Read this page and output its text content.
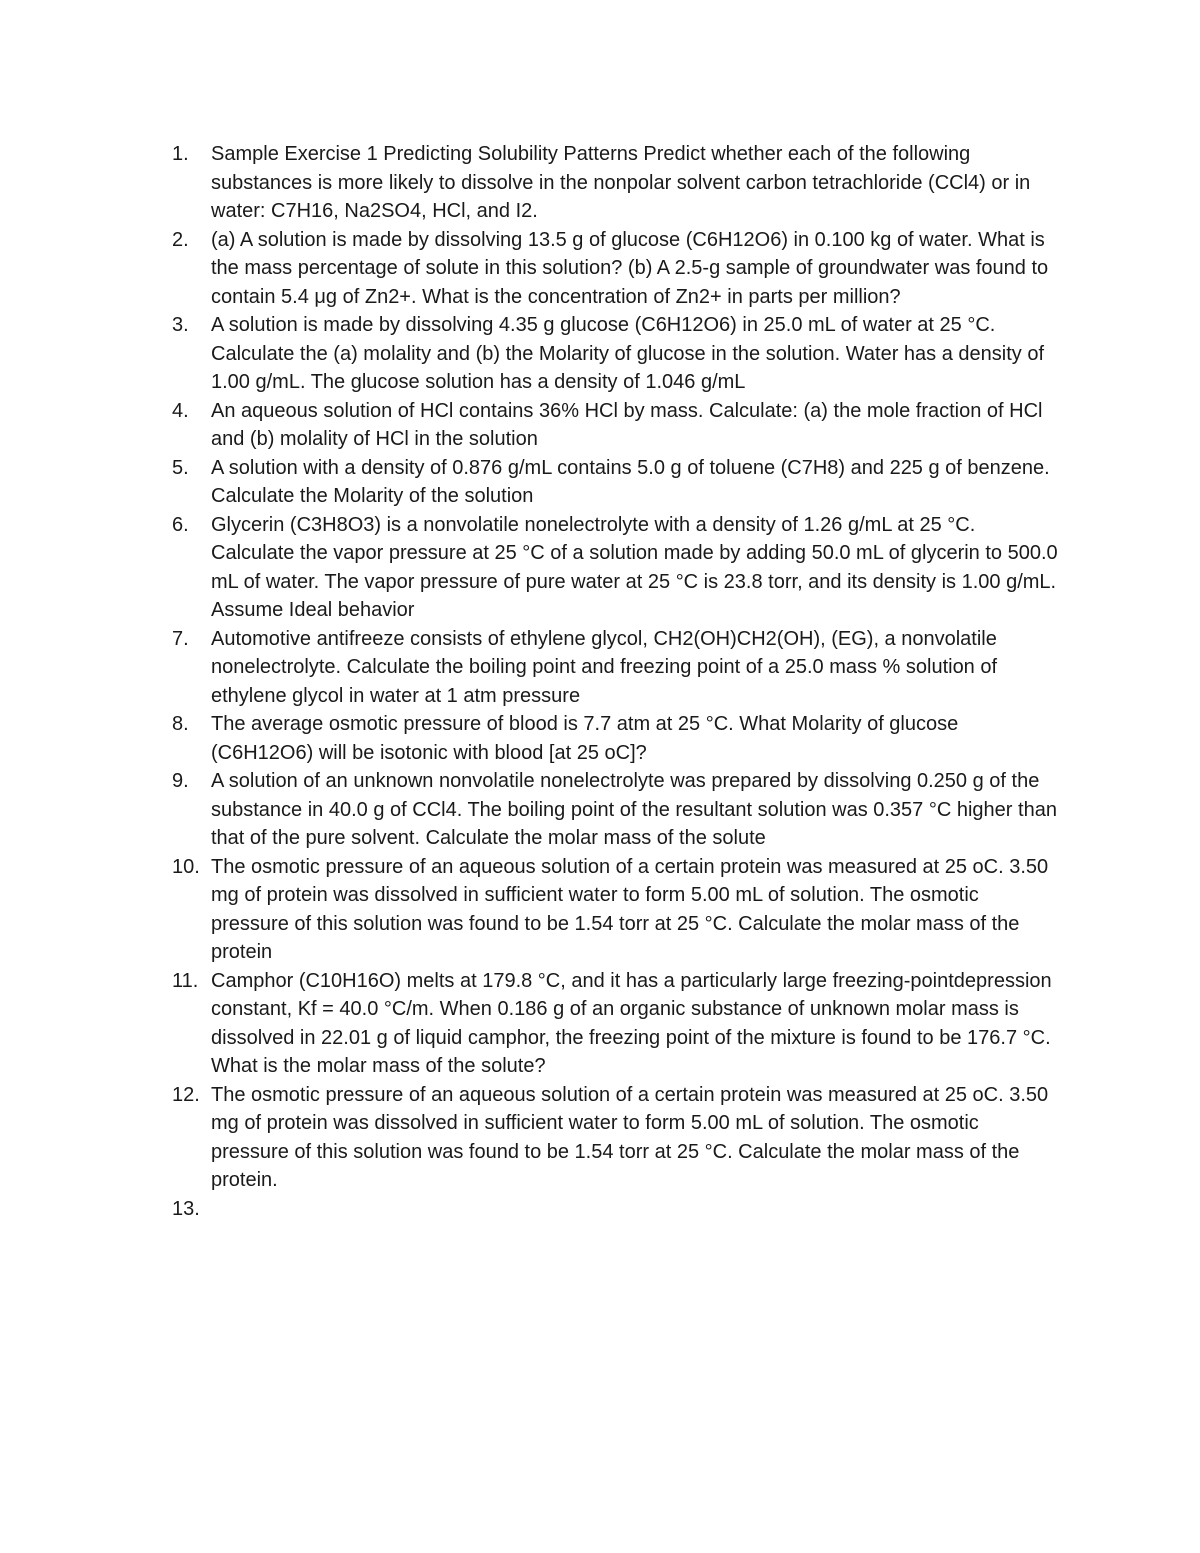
1.	Sample Exercise 1 Predicting Solubility Patterns Predict whether each of the following substances is more likely to dissolve in the nonpolar solvent carbon tetrachloride (CCl4) or in water: C7H16, Na2SO4, HCl, and I2.
2.	(a) A solution is made by dissolving 13.5 g of glucose (C6H12O6) in 0.100 kg of water. What is the mass percentage of solute in this solution? (b) A 2.5-g sample of groundwater was found to contain 5.4 μg of Zn2+. What is the concentration of Zn2+ in parts per million?
3.	A solution is made by dissolving 4.35 g glucose (C6H12O6) in 25.0 mL of water at 25 °C. Calculate the (a) molality and (b) the Molarity of glucose in the solution. Water has a density of 1.00 g/mL. The glucose solution has a density of 1.046 g/mL
4.	An aqueous solution of HCl contains 36% HCl by mass. Calculate: (a) the mole fraction of HCl and (b) molality of HCl in the solution
5.	A solution with a density of 0.876 g/mL contains 5.0 g of toluene (C7H8) and 225 g of benzene. Calculate the Molarity of the solution
6.	Glycerin (C3H8O3) is a nonvolatile nonelectrolyte with a density of 1.26 g/mL at 25 °C. Calculate the vapor pressure at 25 °C of a solution made by adding 50.0 mL of glycerin to 500.0 mL of water. The vapor pressure of pure water at 25 °C is 23.8 torr, and its density is 1.00 g/mL. Assume Ideal behavior
7.	Automotive antifreeze consists of ethylene glycol, CH2(OH)CH2(OH), (EG), a nonvolatile nonelectrolyte. Calculate the boiling point and freezing point of a 25.0 mass % solution of ethylene glycol in water at 1 atm pressure
8.	The average osmotic pressure of blood is 7.7 atm at 25 °C. What Molarity of glucose (C6H12O6) will be isotonic with blood [at 25 oC]?
9.	A solution of an unknown nonvolatile nonelectrolyte was prepared by dissolving 0.250 g of the substance in 40.0 g of CCl4. The boiling point of the resultant solution was 0.357 °C higher than that of the pure solvent. Calculate the molar mass of the solute
10. The osmotic pressure of an aqueous solution of a certain protein was measured at 25 oC. 3.50 mg of protein was dissolved in sufficient water to form 5.00 mL of solution. The osmotic pressure of this solution was found to be 1.54 torr at 25 °C. Calculate the molar mass of the protein
11. Camphor (C10H16O) melts at 179.8 °C, and it has a particularly large freezing-pointdepression constant, Kf = 40.0 °C/m. When 0.186 g of an organic substance of unknown molar mass is dissolved in 22.01 g of liquid camphor, the freezing point of the mixture is found to be 176.7 °C. What is the molar mass of the solute?
12. The osmotic pressure of an aqueous solution of a certain protein was measured at 25 oC. 3.50 mg of protein was dissolved in sufficient water to form 5.00 mL of solution. The osmotic pressure of this solution was found to be 1.54 torr at 25 °C. Calculate the molar mass of the protein.
13.
